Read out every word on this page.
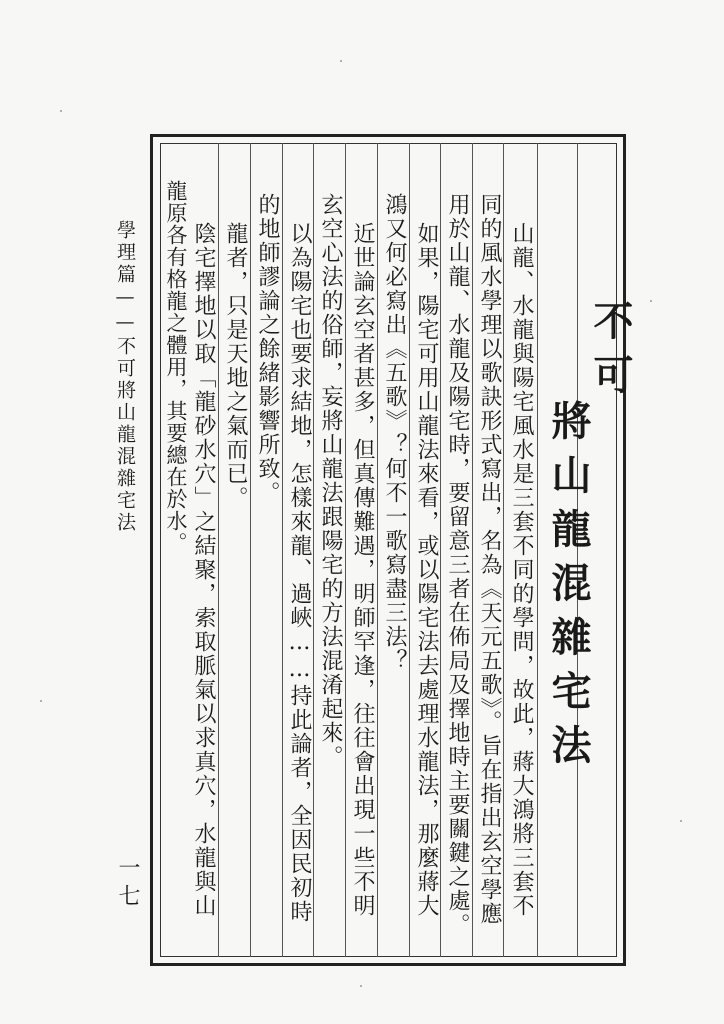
不可
將山龍混雜宅法
山龍、水龍與陽宅風水是三套不同的學問，故此，蔣大鴻將三套不
同的風水學理以歌訣形式寫出，名為《天元五歌》。旨在指出玄空學應
用於山龍、水龍及陽宅時，要留意三者在佈局及擇地時主要關鍵之處。
如果，陽宅可用山龍法來看，或以陽宅法去處理水龍法，那麼蔣大
鴻又何必寫出《五歌》？何不一歌寫盡三法？
近世論玄空者甚多，但真傳難遇，明師罕逢，往往會出現一些不明
玄空心法的俗師，妄將山龍法跟陽宅的方法混淆起來。
以為陽宅也要求結地，怎樣來龍、過峽……持此論者，全因民初時
的地師謬論之餘緒影響所致。
龍者，只是天地之氣而已。
陰宅擇地以取「龍砂水穴」之結聚，索取脈氣以求真穴，水龍與山
龍原各有格龍之體用，其要總在於水。
學理篇——不可將山龍混雜宅法
一七
